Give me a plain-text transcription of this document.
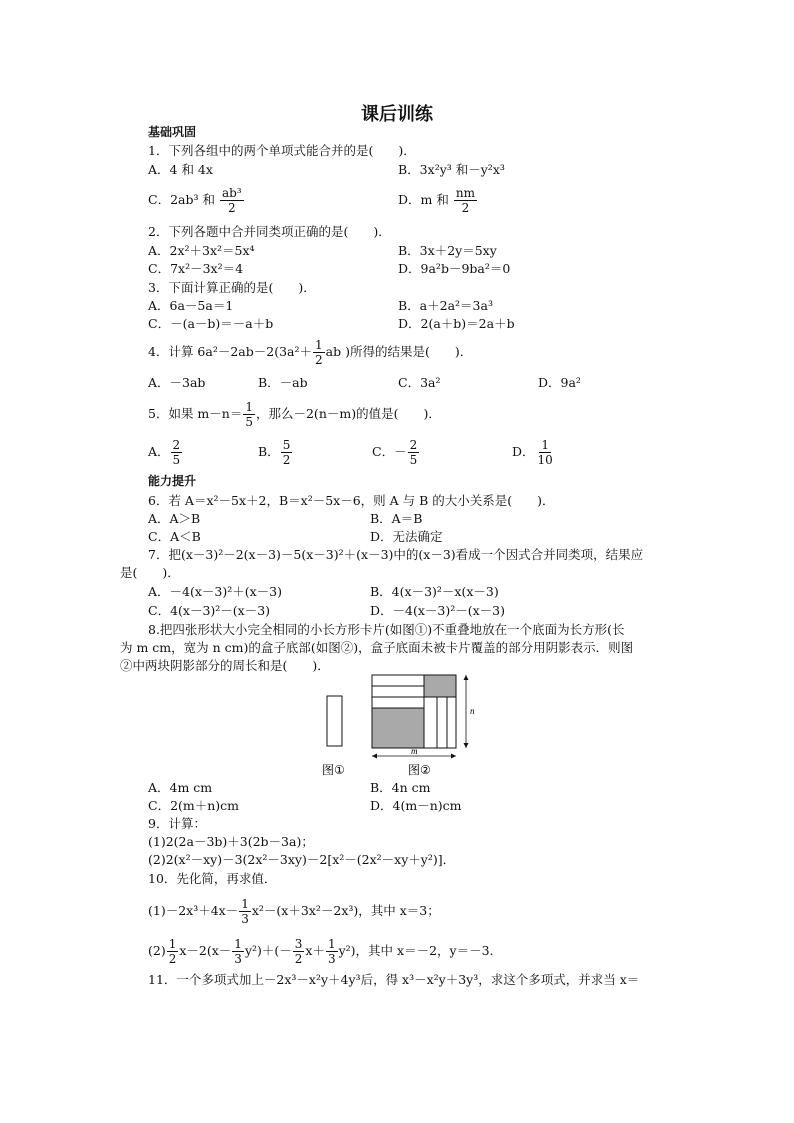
课后训练
基础巩固
1．下列各组中的两个单项式能合并的是(　　)．
A．4 和 4x	B．3x²y³ 和－y²x³
C．2ab³ 和 $\frac{\text{ab³}}{2}$	D．m 和 $\frac{nm}{2}$
2．下列各题中合并同类项正确的是(　　)．
A．2x²＋3x²＝5x⁴	B．3x＋2y＝5xy
C．7x²－3x²＝4	D．9a²b－9ba²＝0
3．下面计算正确的是(　　)．
A．6a－5a＝1	B．a＋2a²＝3a³
C．－(a－b)＝－a＋b	D．2(a＋b)＝2a＋b
4．计算 $6a^2-2ab-2(3a^2+ \frac{1}{2}$ ab )所得的结果是(　　)．
A．－3ab	B．－ab	C．3a²	D．9a²
5．如果 $m-n= \frac{1}{5}$ ，那么－2(n－m)的值是(　　)．
A． $\frac{2}{5}$	B． $\frac{5}{2}$	C．－ $\frac{2}{5}$	D． $\frac{1}{10}$
能力提升
6．若 A＝x²－5x＋2，B＝x²－5x－6，则 A 与 B 的大小关系是(　　)．
A．A＞B	B．A＝B
C．A＜B	D．无法确定
7．把(x－3)²－2(x－3)－5(x－3)²＋(x－3)中的(x－3)看成一个因式合并同类项，结果应
是(　　)．
A．－4(x－3)²＋(x－3)	B．4(x－3)²－x(x－3)
C．4(x－3)²－(x－3)	D．－4(x－3)²－(x－3)
8.把四张形状大小完全相同的小长方形卡片(如图①)不重叠地放在一个底面为长方形(长
为 m cm，宽为 n cm)的盒子底部(如图②)，盒子底面未被卡片覆盖的部分用阴影表示．则图
②中两块阴影部分的周长和是(　　)．
n
m
图①	图②
A．4m cm	B．4n cm
C．2(m＋n)cm	D．4(m－n)cm
9．计算：
(1)2(2a－3b)＋3(2b－3a)；
(2)2(x²－xy)－3(2x²－3xy)－2[x²－(2x²－xy＋y²)]．
10．先化简，再求值．
$(1)-2x^3+4x- \frac{1}{3} x^2-(x+3x^2-2x^3)$，其中 x＝3；
$(2) \frac{1}{2} x-2(x- \frac{1}{3} y^2)+(- \frac{3}{2} x+ \frac{1}{3} y^2)$，其中 x＝－2，y＝－3.
11．一个多项式加上－2x³－x²y＋4y³后，得 x³－x²y＋3y³，求这个多项式，并求当 x＝
